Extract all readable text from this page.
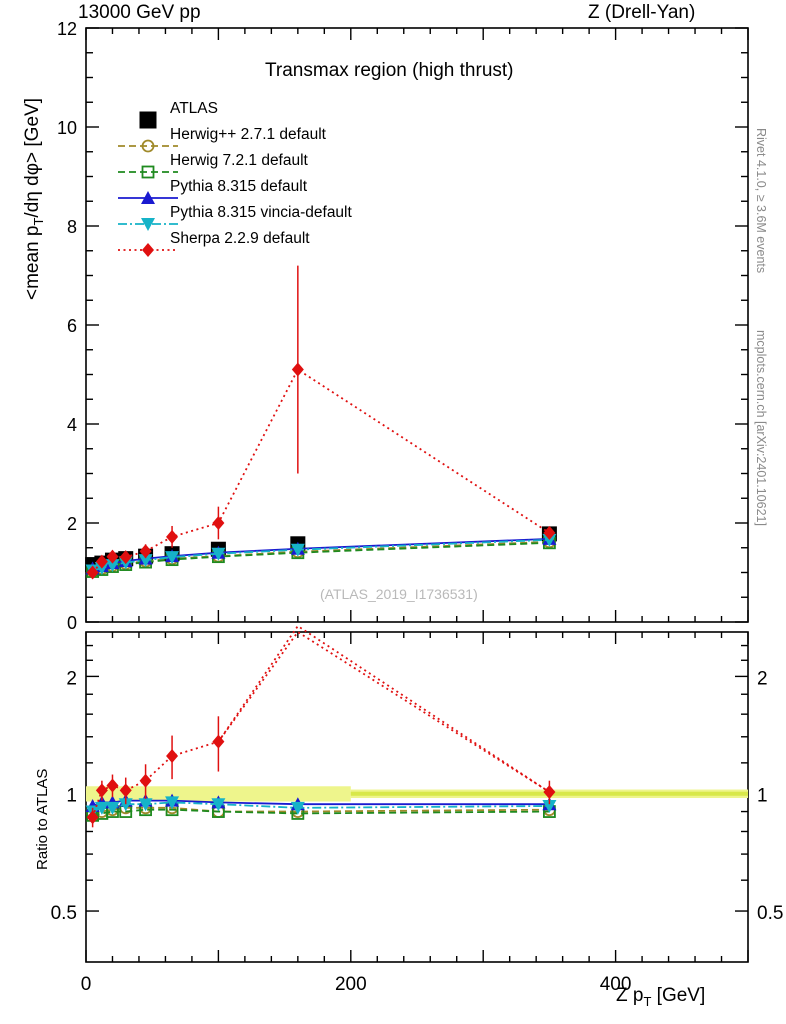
13000 GeV pp	Z (Drell-Yan)
Rivet 4.1.0, ≥ 3.6M events
mcplots.cern.ch [arXiv:2401.10621]
<mean $p_T/d\eta$ dφ> [GeV]
Ratio to ATLAS
Z $p_T$ [GeV]
Transmax region (high thrust)
(ATLAS_2019_I1736531)
0
2
4
6
8
10
12
0.5	0.5
1	1
2	2
0	200	400
ATLAS
Herwig++ 2.7.1 default
Herwig 7.2.1 default
Pythia 8.315 default
Pythia 8.315 vincia-default
Sherpa 2.2.9 default
